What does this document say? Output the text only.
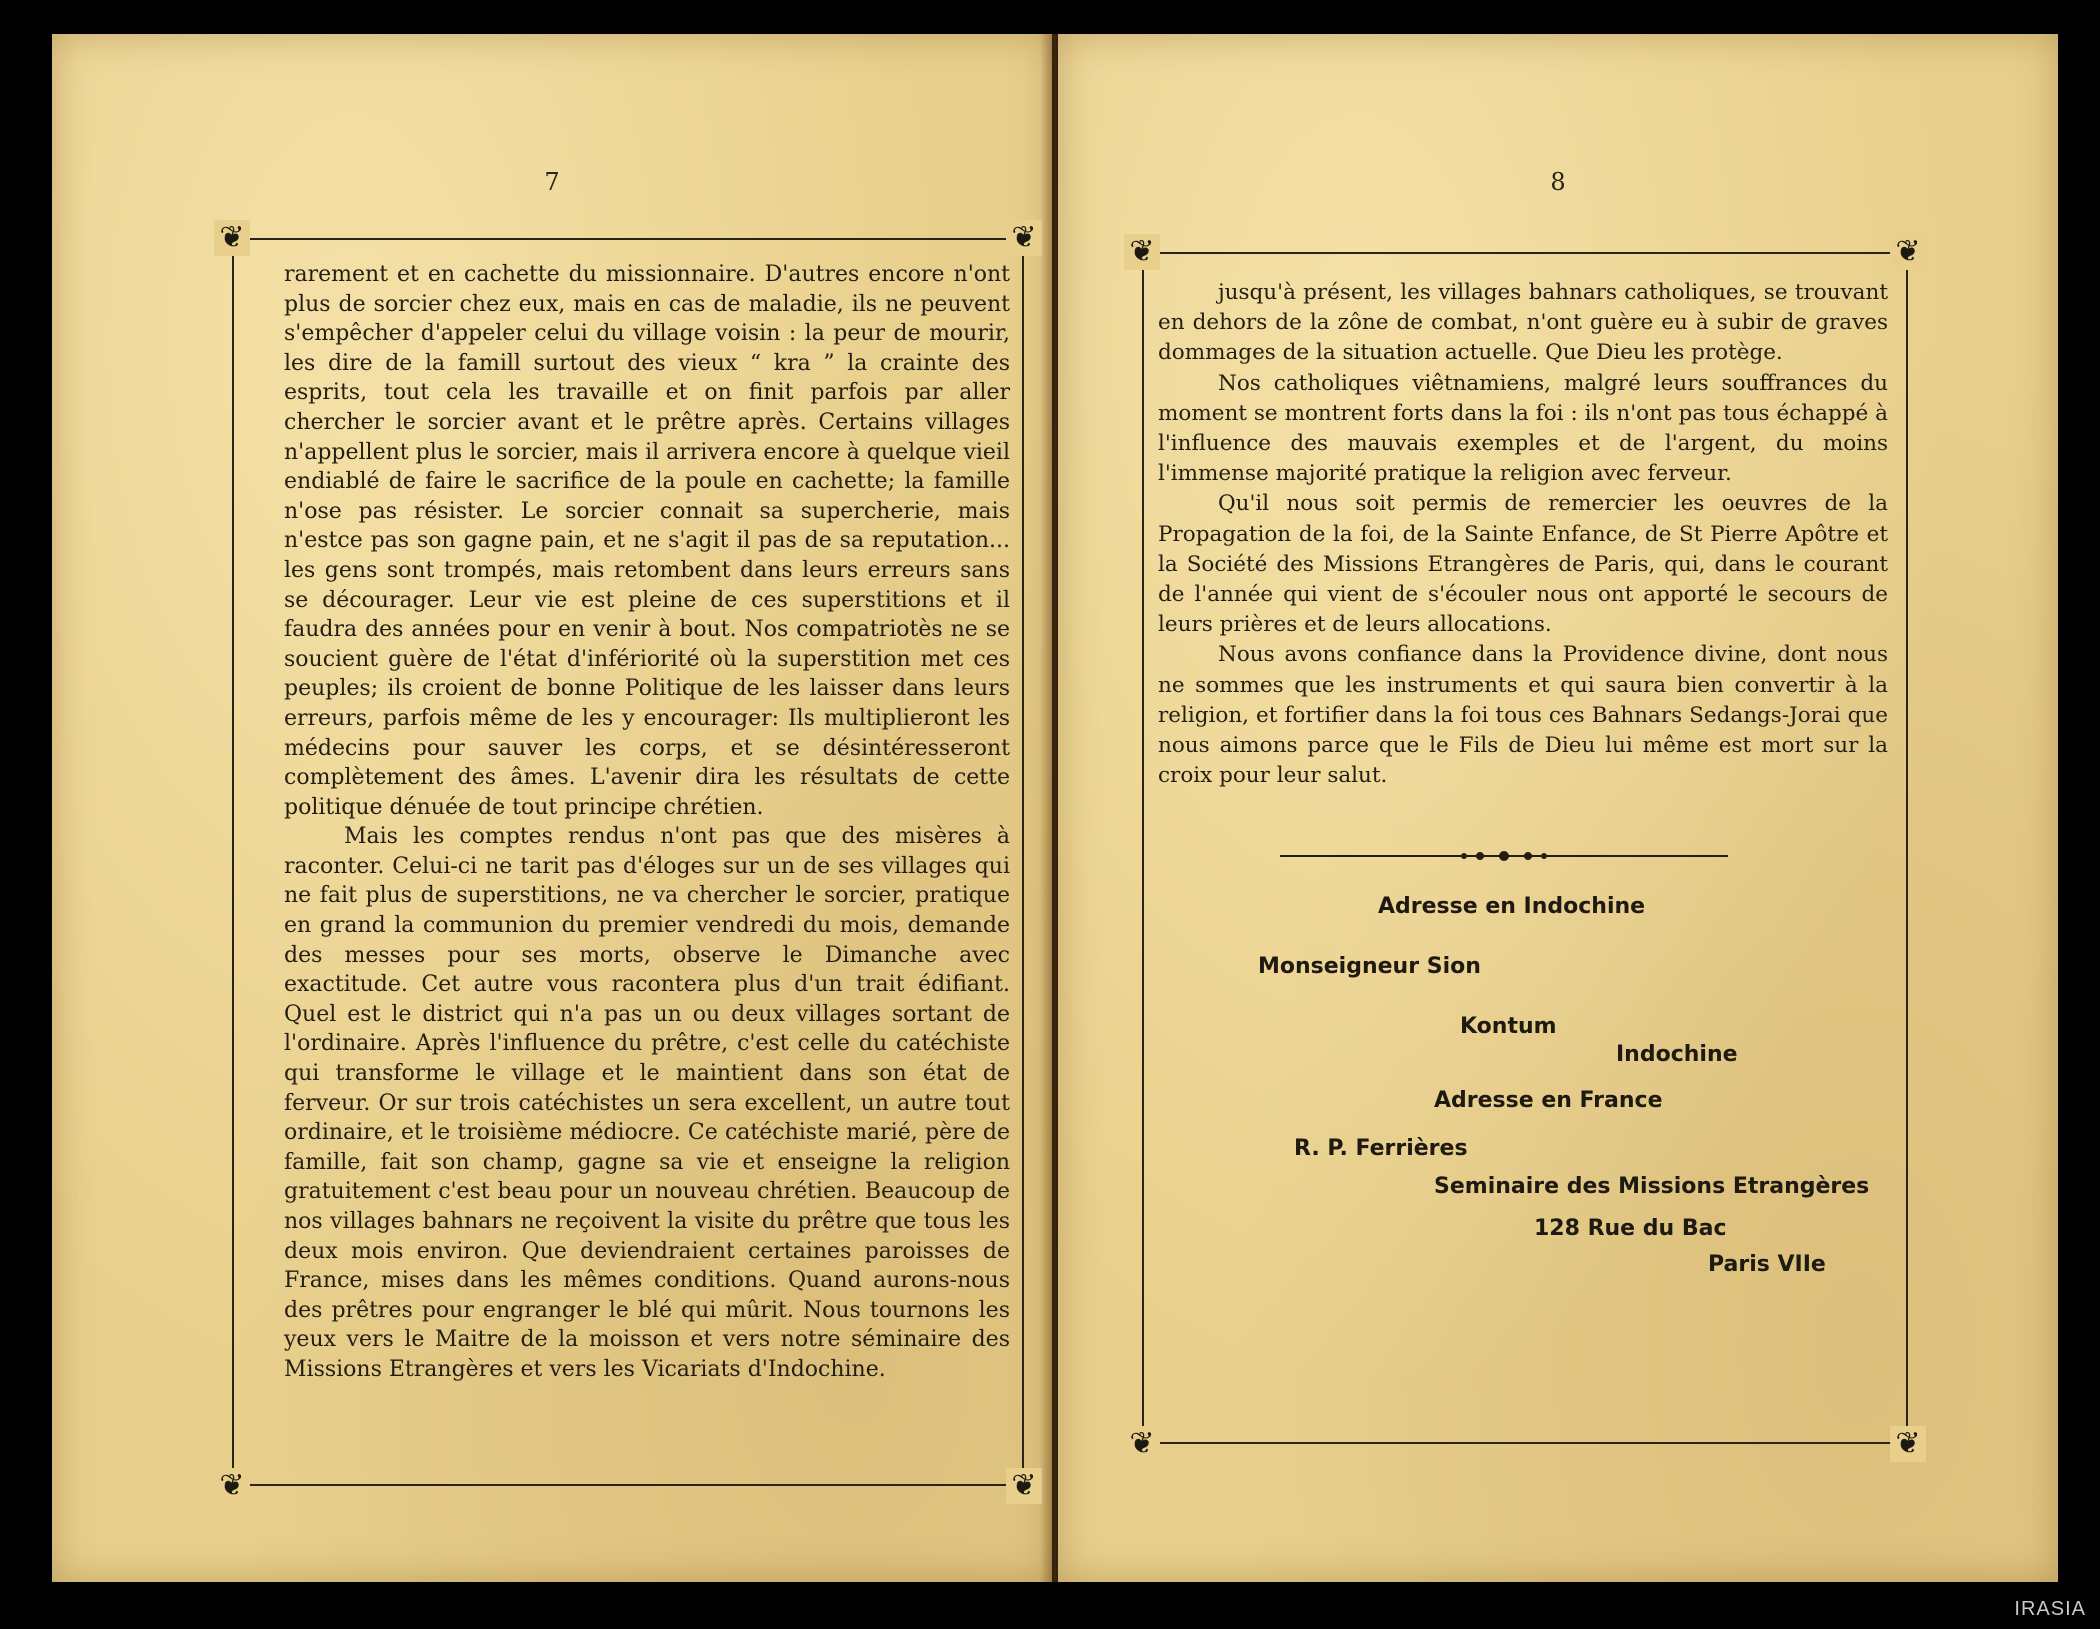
7
❦	❦
❦	❦

rarement et en cachette du missionnaire. D'autres encore n'ont plus de sorcier chez eux, mais en cas de maladie, ils ne peuvent s'empêcher d'appeler celui du village voisin : la peur de mourir, les dire de la famill surtout des vieux “ kra ” la crainte des esprits, tout cela les travaille et on finit parfois par aller chercher le sorcier avant et le prêtre après. Certains villages n'appellent plus le sorcier, mais il arrivera encore à quelque vieil endiablé de faire le sacrifice de la poule en cachette; la famille n'ose pas résister. Le sorcier connait sa supercherie, mais n'estce pas son gagne pain, et ne s'agit il pas de sa reputation... les gens sont trompés, mais retombent dans leurs erreurs sans se décourager. Leur vie est pleine de ces superstitions et il faudra des années pour en venir à bout. Nos compatriotès ne se soucient guère de l'état d'infériorité où la superstition met ces peuples; ils croient de bonne Politique de les laisser dans leurs erreurs, parfois même de les y encourager: Ils multiplieront les médecins pour sauver les corps, et se désintéresseront complètement des âmes. L'avenir dira les résultats de cette politique dénuée de tout principe chrétien.

Mais les comptes rendus n'ont pas que des misères à raconter. Celui-ci ne tarit pas d'éloges sur un de ses villages qui ne fait plus de superstitions, ne va chercher le sorcier, pratique en grand la communion du premier vendredi du mois, demande des messes pour ses morts, observe le Dimanche avec exactitude. Cet autre vous racontera plus d'un trait édifiant. Quel est le district qui n'a pas un ou deux villages sortant de l'ordinaire. Après l'influence du prêtre, c'est celle du catéchiste qui transforme le village et le maintient dans son état de ferveur. Or sur trois catéchistes un sera excellent, un autre tout ordinaire, et le troisième médiocre. Ce catéchiste marié, père de famille, fait son champ, gagne sa vie et enseigne la religion gratuitement c'est beau pour un nouveau chrétien. Beaucoup de nos villages bahnars ne reçoivent la visite du prêtre que tous les deux mois environ. Que deviendraient certaines paroisses de France, mises dans les mêmes conditions. Quand aurons-nous des prêtres pour engranger le blé qui mûrit. Nous tournons les yeux vers le Maitre de la moisson et vers notre séminaire des Missions Etrangères et vers les Vicariats d'Indochine.

8
❦	❦
❦	❦

jusqu'à présent, les villages bahnars catholiques, se trouvant en dehors de la zône de combat, n'ont guère eu à subir de graves dommages de la situation actuelle. Que Dieu les protège.

Nos catholiques viêtnamiens, malgré leurs souffrances du moment se montrent forts dans la foi : ils n'ont pas tous échappé à l'influence des mauvais exemples et de l'argent, du moins l'immense majorité pratique la religion avec ferveur.

Qu'il nous soit permis de remercier les oeuvres de la Propagation de la foi, de la Sainte Enfance, de St Pierre Apôtre et la Société des Missions Etrangères de Paris, qui, dans le courant de l'année qui vient de s'écouler nous ont apporté le secours de leurs prières et de leurs allocations.

Nous avons confiance dans la Providence divine, dont nous ne sommes que les instruments et qui saura bien convertir à la religion, et fortifier dans la foi tous ces Bahnars Sedangs-Jorai que nous aimons parce que le Fils de Dieu lui même est mort sur la croix pour leur salut.

Adresse en Indochine
Monseigneur Sion
Kontum
Indochine
Adresse en France
R. P. Ferrières
Seminaire des Missions Etrangères
128 Rue du Bac
Paris VIIe
IRASIA
